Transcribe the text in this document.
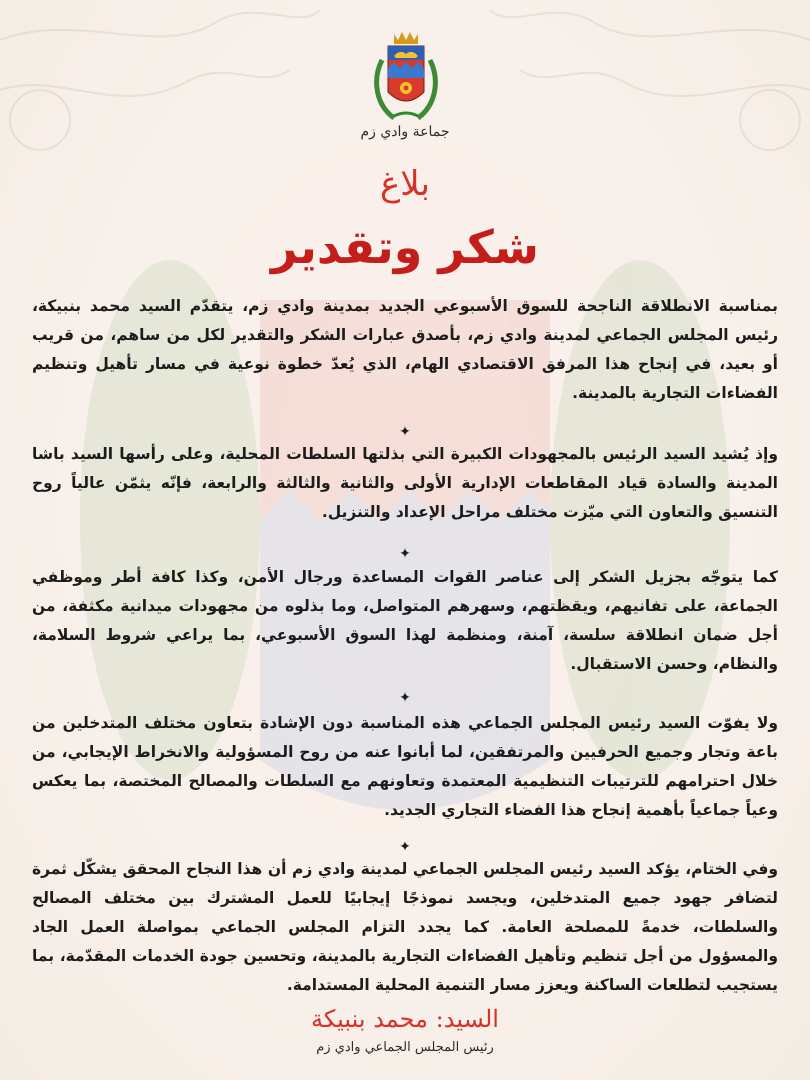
جماعة وادي زم
بلاغ
شكر وتقدير
بمناسبة الانطلاقة الناجحة للسوق الأسبوعي الجديد بمدينة وادي زم، يتقدّم السيد محمد بنبيكة، رئيس المجلس الجماعي لمدينة وادي زم، بأصدق عبارات الشكر والتقدير لكل من ساهم، من قريب أو بعيد، في إنجاح هذا المرفق الاقتصادي الهام، الذي يُعدّ خطوة نوعية في مسار تأهيل وتنظيم الفضاءات التجارية بالمدينة.
✦
وإذ يُشيد السيد الرئيس بالمجهودات الكبيرة التي بذلتها السلطات المحلية، وعلى رأسها السيد باشا المدينة والسادة قياد المقاطعات الإدارية الأولى والثانية والثالثة والرابعة، فإنّه يثمّن عالياً روح التنسيق والتعاون التي ميّزت مختلف مراحل الإعداد والتنزيل.
✦
كما يتوجّه بجزيل الشكر إلى عناصر القوات المساعدة ورجال الأمن، وكذا كافة أطر وموظفي الجماعة، على تفانيهم، ويقظتهم، وسهرهم المتواصل، وما بذلوه من مجهودات ميدانية مكثفة، من أجل ضمان انطلاقة سلسة، آمنة، ومنظمة لهذا السوق الأسبوعي، بما يراعي شروط السلامة، والنظام، وحسن الاستقبال.
✦
ولا يفوّت السيد رئيس المجلس الجماعي هذه المناسبة دون الإشادة بتعاون مختلف المتدخلين من باعة وتجار وجميع الحرفيين والمرتفقين، لما أبانوا عنه من روح المسؤولية والانخراط الإيجابي، من خلال احترامهم للترتيبات التنظيمية المعتمدة وتعاونهم مع السلطات والمصالح المختصة، بما يعكس وعياً جماعياً بأهمية إنجاح هذا الفضاء التجاري الجديد.
✦
وفي الختام، يؤكد السيد رئيس المجلس الجماعي لمدينة وادي زم أن هذا النجاح المحقق يشكّل ثمرة لتضافر جهود جميع المتدخلين، ويجسد نموذجًا إيجابيًا للعمل المشترك بين مختلف المصالح والسلطات، خدمةً للمصلحة العامة. كما يجدد التزام المجلس الجماعي بمواصلة العمل الجاد والمسؤول من أجل تنظيم وتأهيل الفضاءات التجارية بالمدينة، وتحسين جودة الخدمات المقدّمة، بما يستجيب لتطلعات الساكنة ويعزز مسار التنمية المحلية المستدامة.
السيد: محمد بنبيكة
رئيس المجلس الجماعي وادي زم
